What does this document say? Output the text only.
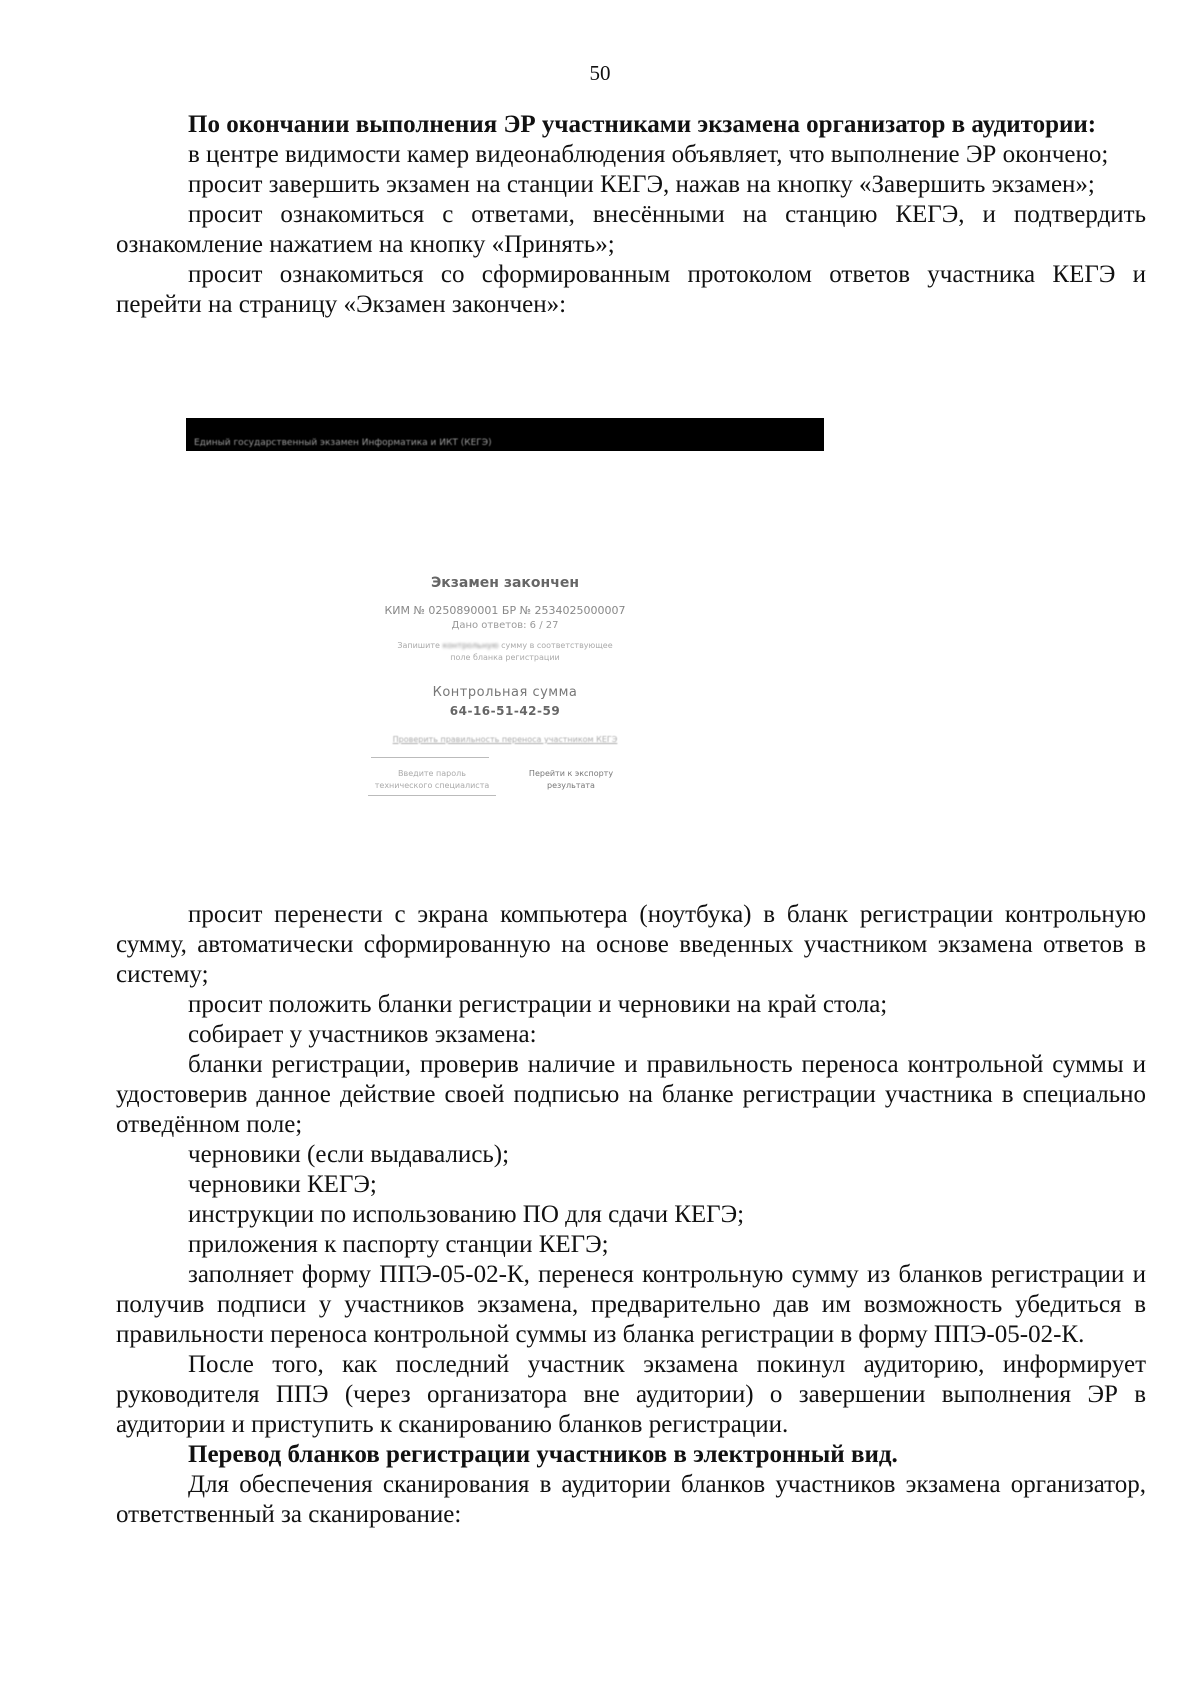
50

По окончании выполнения ЭР участниками экзамена организатор в аудитории:

в центре видимости камер видеонаблюдения объявляет, что выполнение ЭР окончено;

просит завершить экзамен на станции КЕГЭ, нажав на кнопку «Завершить экзамен»;

просит ознакомиться с ответами, внесёнными на станцию КЕГЭ, и подтвердить ознакомление нажатием на кнопку «Принять»;

просит ознакомиться со сформированным протоколом ответов участника КЕГЭ и перейти на страницу «Экзамен закончен»:

Единый государственный экзамен Информатика и ИКТ (КЕГЭ)
Экзамен закончен
КИМ № 0250890001 БР № 2534025000007
Дано ответов: 6 / 27
Запишите контрольную сумму в соответствующее
поле бланка регистрации
Контрольная сумма
64-16-51-42-59
Проверить правильность переноса участником КЕГЭ
Введите пароль технического специалиста
Перейти к экспорту результата

просит перенести с экрана компьютера (ноутбука) в бланк регистрации контрольную сумму, автоматически сформированную на основе введенных участником экзамена ответов в систему;

просит положить бланки регистрации и черновики на край стола;

собирает у участников экзамена:

бланки регистрации, проверив наличие и правильность переноса контрольной суммы и удостоверив данное действие своей подписью на бланке регистрации участника в специально отведённом поле;

черновики (если выдавались);

черновики КЕГЭ;

инструкции по использованию ПО для сдачи КЕГЭ;

приложения к паспорту станции КЕГЭ;

заполняет форму ППЭ-05-02-К, перенеся контрольную сумму из бланков регистрации и получив подписи у участников экзамена, предварительно дав им возможность убедиться в правильности переноса контрольной суммы из бланка регистрации в форму ППЭ-05-02-К.

После того, как последний участник экзамена покинул аудиторию, информирует руководителя ППЭ (через организатора вне аудитории) о завершении выполнения ЭР в аудитории и приступить к сканированию бланков регистрации.

Перевод бланков регистрации участников в электронный вид.

Для обеспечения сканирования в аудитории бланков участников экзамена организатор, ответственный за сканирование:
